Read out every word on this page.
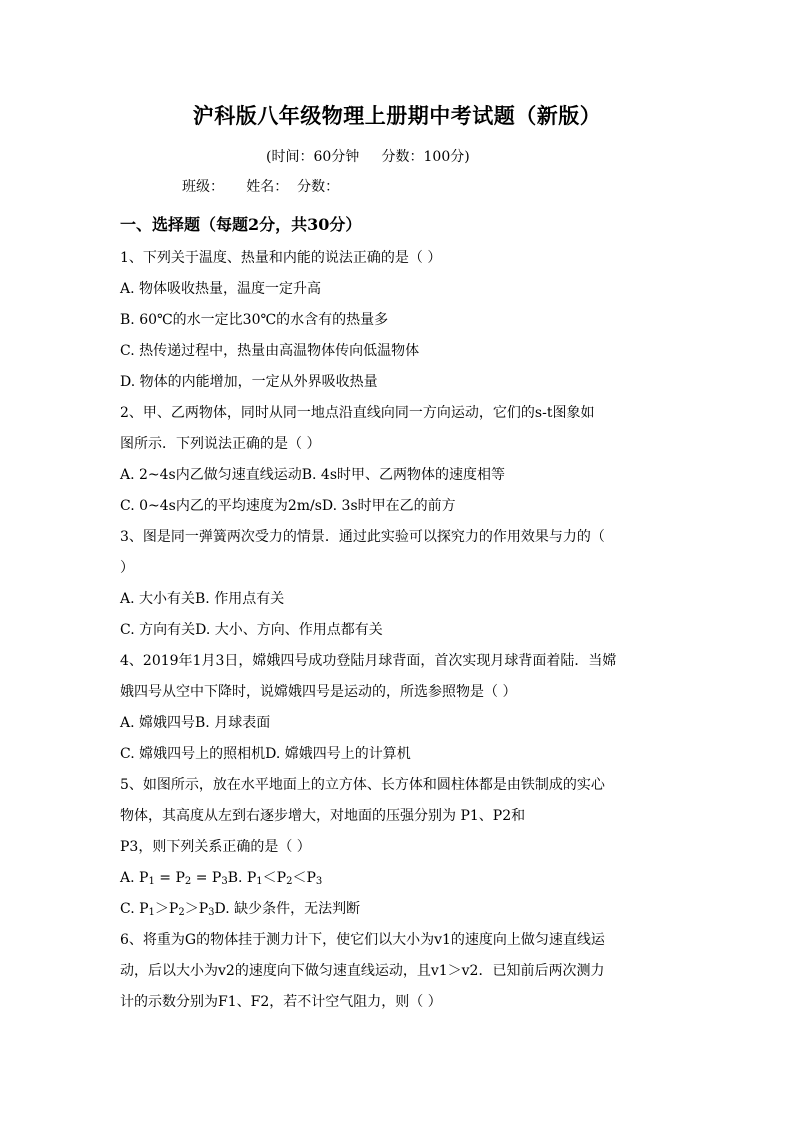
沪科版八年级物理上册期中考试题（新版）
(时间：60分钟     分数：100分)
班级：     姓名：  分数：
一、选择题（每题2分，共30分）
1、下列关于温度、热量和内能的说法正确的是（ ）
A. 物体吸收热量，温度一定升高
B. 60℃的水一定比30℃的水含有的热量多
C. 热传递过程中，热量由高温物体传向低温物体
D. 物体的内能增加，一定从外界吸收热量
2、甲、乙两物体，同时从同一地点沿直线向同一方向运动，它们的s-t图象如
图所示．下列说法正确的是（ ）
A. 2~4s内乙做匀速直线运动B. 4s时甲、乙两物体的速度相等
C. 0~4s内乙的平均速度为2m/sD. 3s时甲在乙的前方
3、图是同一弹簧两次受力的情景．通过此实验可以探究力的作用效果与力的（
）
A. 大小有关B. 作用点有关
C. 方向有关D. 大小、方向、作用点都有关
4、2019年1月3日，嫦娥四号成功登陆月球背面，首次实现月球背面着陆．当嫦
娥四号从空中下降时，说嫦娥四号是运动的，所选参照物是（ ）
A. 嫦娥四号B. 月球表面
C. 嫦娥四号上的照相机D. 嫦娥四号上的计算机
5、如图所示，放在水平地面上的立方体、长方体和圆柱体都是由铁制成的实心
物体，其高度从左到右逐步增大，对地面的压强分别为 P1、P2和
P3，则下列关系正确的是（ ）
A. $P_1 = P_2 = P_3B$. $P_1<P_2<P_3$
C. $P_1>P_2>P_3D$. 缺少条件，无法判断
6、将重为G的物体挂于测力计下，使它们以大小为v1的速度向上做匀速直线运
动，后以大小为v2的速度向下做匀速直线运动，且v1＞v2．已知前后两次测力
计的示数分别为F1、F2，若不计空气阻力，则（ ）
